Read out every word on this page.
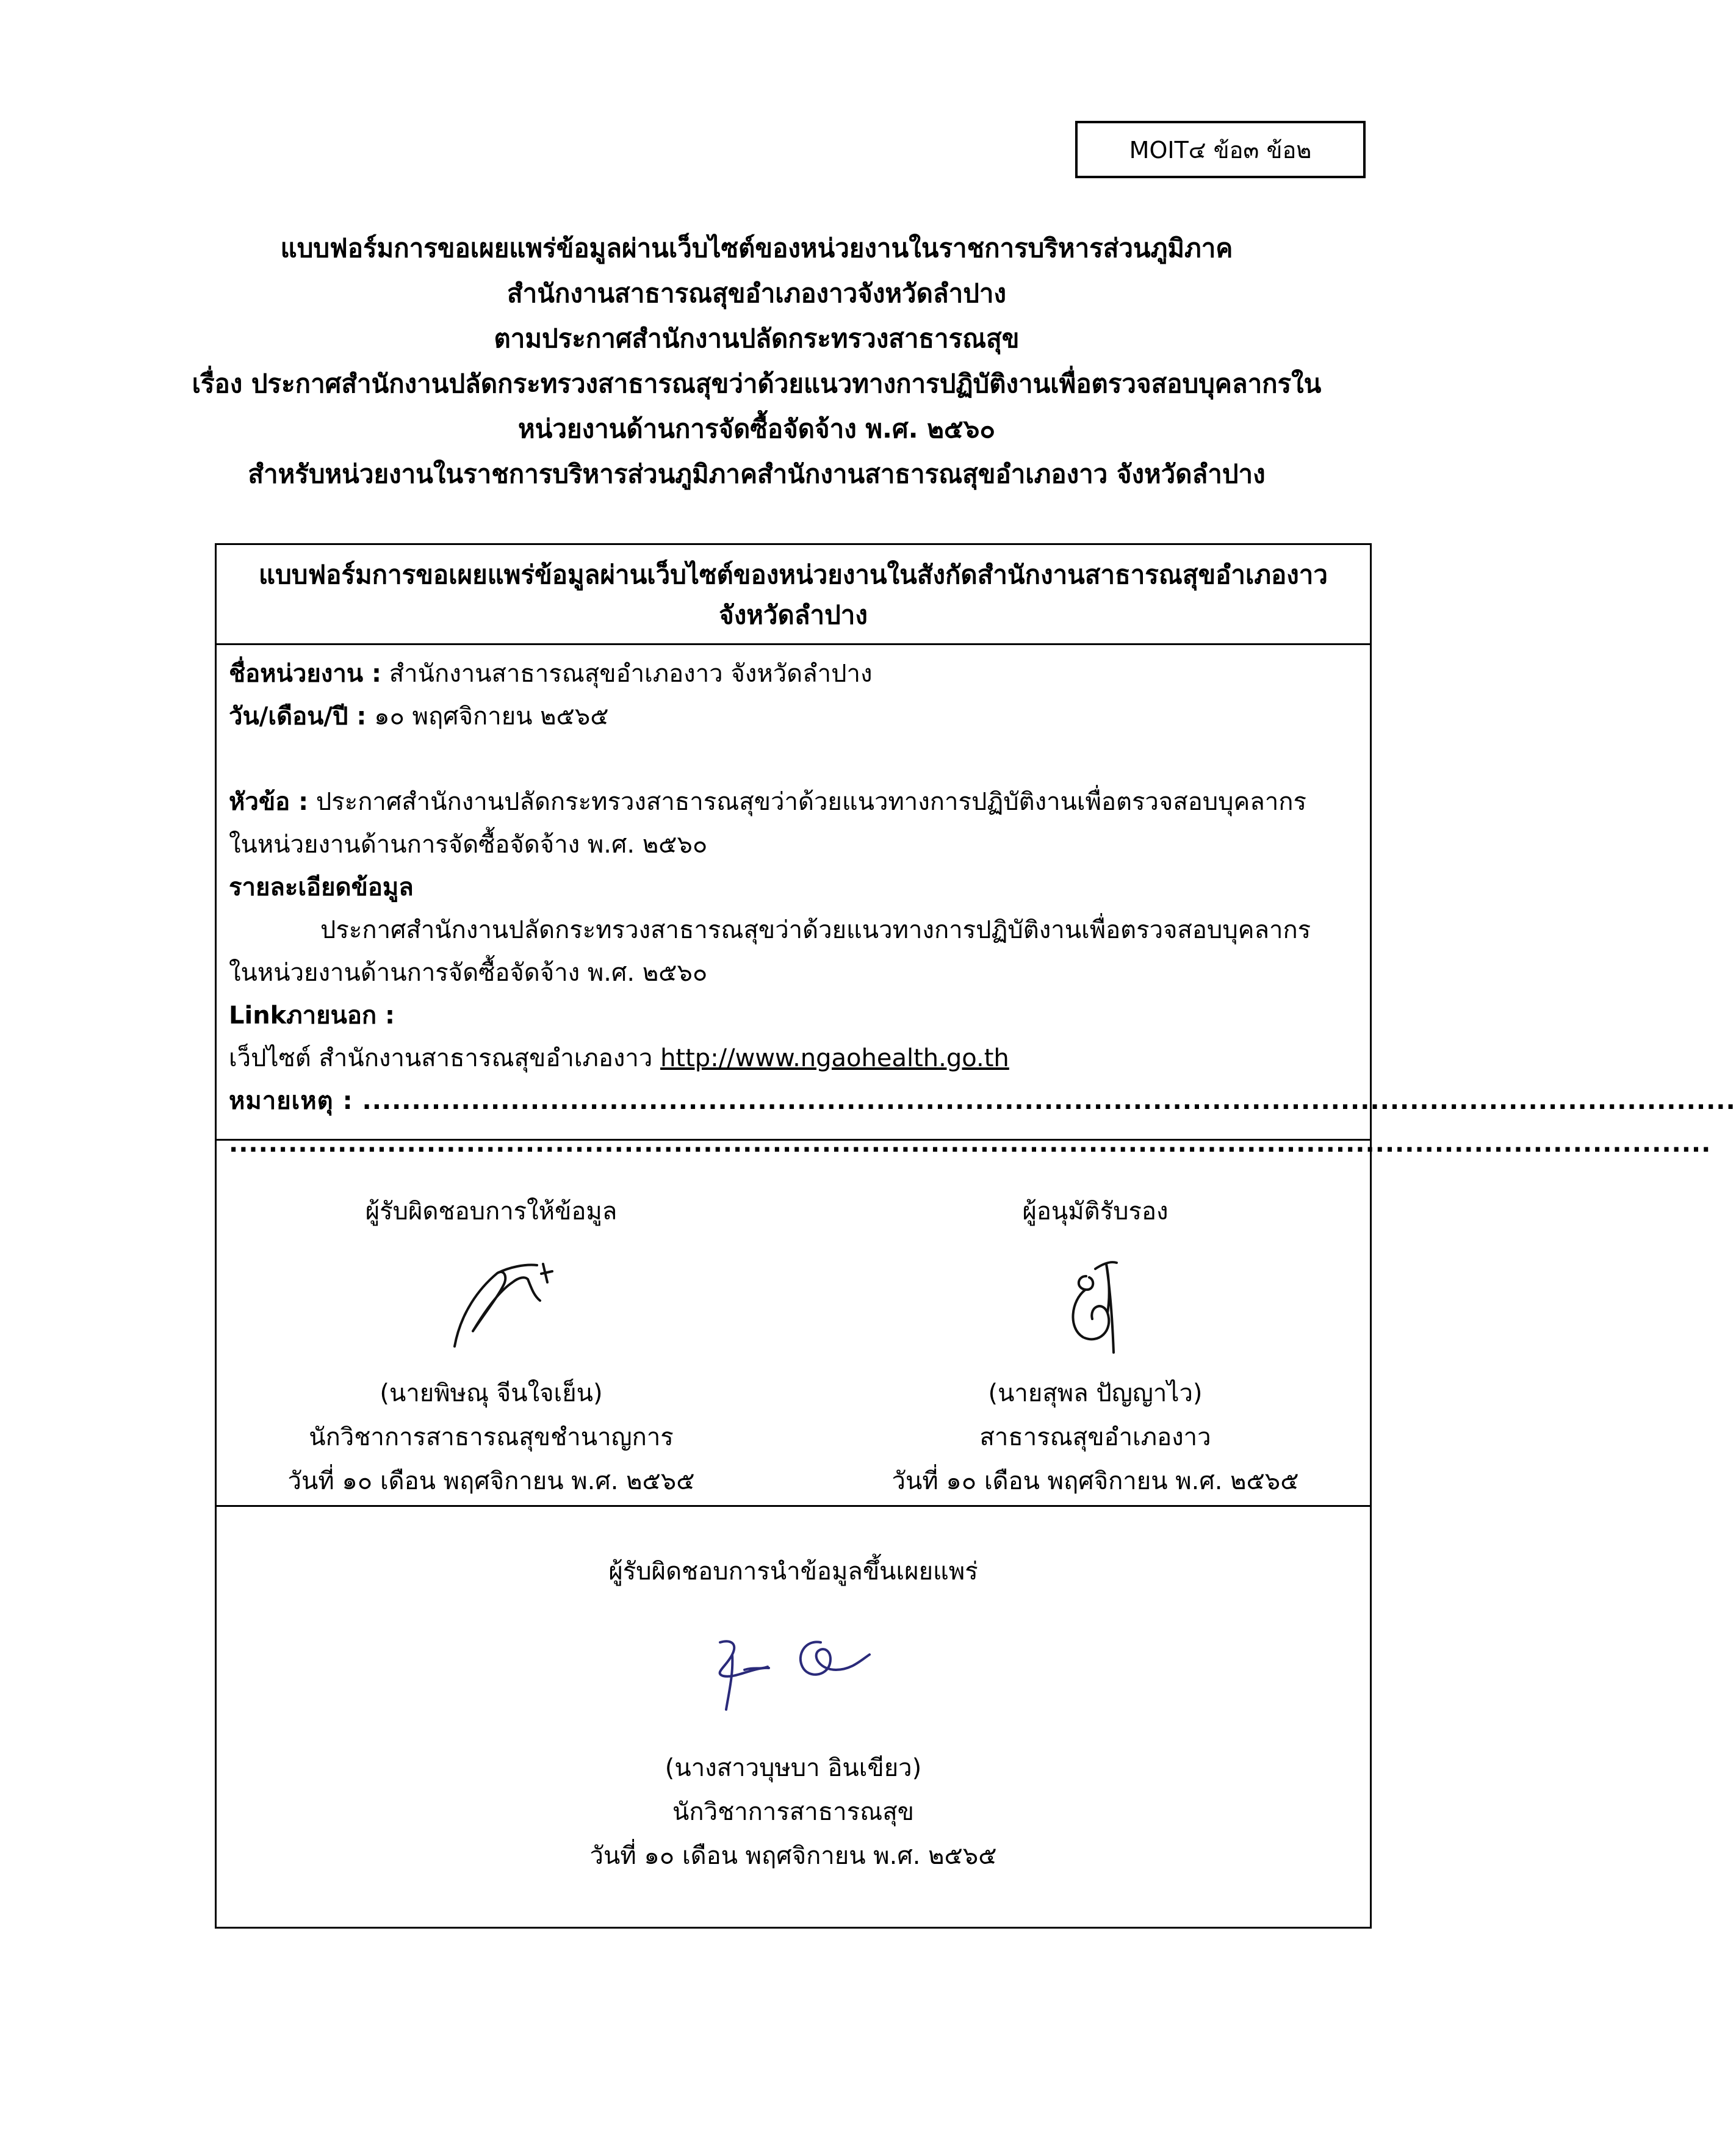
MOIT๔ ข้อ๓ ข้อ๒
แบบฟอร์มการขอเผยแพร่ข้อมูลผ่านเว็บไซต์ของหน่วยงานในราชการบริหารส่วนภูมิภาค
สำนักงานสาธารณสุขอำเภองาวจังหวัดลำปาง
ตามประกาศสำนักงานปลัดกระทรวงสาธารณสุข
เรื่อง ประกาศสำนักงานปลัดกระทรวงสาธารณสุขว่าด้วยแนวทางการปฏิบัติงานเพื่อตรวจสอบบุคลากรใน
หน่วยงานด้านการจัดซื้อจัดจ้าง พ.ศ. ๒๕๖๐
สำหรับหน่วยงานในราชการบริหารส่วนภูมิภาคสำนักงานสาธารณสุขอำเภองาว จังหวัดลำปาง
แบบฟอร์มการขอเผยแพร่ข้อมูลผ่านเว็บไซต์ของหน่วยงานในสังกัดสำนักงานสาธารณสุขอำเภองาว
จังหวัดลำปาง
ชื่อหน่วยงาน : สำนักงานสาธารณสุขอำเภองาว จังหวัดลำปาง
วัน/เดือน/ปี : ๑๐ พฤศจิกายน ๒๕๖๕
หัวข้อ : ประกาศสำนักงานปลัดกระทรวงสาธารณสุขว่าด้วยแนวทางการปฏิบัติงานเพื่อตรวจสอบบุคลากร
ในหน่วยงานด้านการจัดซื้อจัดจ้าง พ.ศ. ๒๕๖๐
รายละเอียดข้อมูล
ประกาศสำนักงานปลัดกระทรวงสาธารณสุขว่าด้วยแนวทางการปฏิบัติงานเพื่อตรวจสอบบุคลากร
ในหน่วยงานด้านการจัดซื้อจัดจ้าง พ.ศ. ๒๕๖๐
Linkภายนอก :
เว็ปไซต์ สำนักงานสาธารณสุขอำเภองาว http://www.ngaohealth.go.th
หมายเหตุ : ...........................................................................................................................................
......................................................................................................................................................
ผู้รับผิดชอบการให้ข้อมูล
(นายพิษณุ จีนใจเย็น)
นักวิชาการสาธารณสุขชำนาญการ
วันที่ ๑๐ เดือน พฤศจิกายน พ.ศ. ๒๕๖๕
ผู้อนุมัติรับรอง
(นายสุพล ปัญญาไว)
สาธารณสุขอำเภองาว
วันที่ ๑๐ เดือน พฤศจิกายน พ.ศ. ๒๕๖๕
ผู้รับผิดชอบการนำข้อมูลขึ้นเผยแพร่
(นางสาวบุษบา อินเขียว)
นักวิชาการสาธารณสุข
วันที่ ๑๐ เดือน พฤศจิกายน พ.ศ. ๒๕๖๕
